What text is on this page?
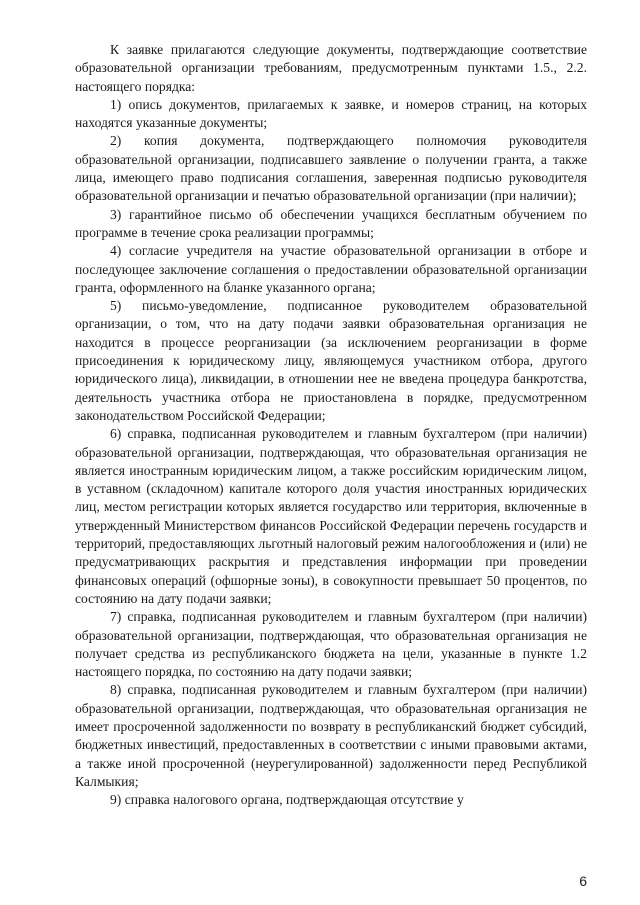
К заявке прилагаются следующие документы, подтверждающие соответствие образовательной организации требованиям, предусмотренным пунктами 1.5., 2.2. настоящего порядка:

1) опись документов, прилагаемых к заявке, и номеров страниц, на которых находятся указанные документы;

2) копия документа, подтверждающего полномочия руководителя образовательной организации, подписавшего заявление о получении гранта, а также лица, имеющего право подписания соглашения, заверенная подписью руководителя образовательной организации и печатью образовательной организации (при наличии);

3) гарантийное письмо об обеспечении учащихся бесплатным обучением по программе в течение срока реализации программы;

4) согласие учредителя на участие образовательной организации в отборе и последующее заключение соглашения о предоставлении образовательной организации гранта, оформленного на бланке указанного органа;

5) письмо-уведомление, подписанное руководителем образовательной организации, о том, что на дату подачи заявки образовательная организация не находится в процессе реорганизации (за исключением реорганизации в форме присоединения к юридическому лицу, являющемуся участником отбора, другого юридического лица), ликвидации, в отношении нее не введена процедура банкротства, деятельность участника отбора не приостановлена в порядке, предусмотренном законодательством Российской Федерации;

6) справка, подписанная руководителем и главным бухгалтером (при наличии) образовательной организации, подтверждающая, что образовательная организация не является иностранным юридическим лицом, а также российским юридическим лицом, в уставном (складочном) капитале которого доля участия иностранных юридических лиц, местом регистрации которых является государство или территория, включенные в утвержденный Министерством финансов Российской Федерации перечень государств и территорий, предоставляющих льготный налоговый режим налогообложения и (или) не предусматривающих раскрытия и представления информации при проведении финансовых операций (офшорные зоны), в совокупности превышает 50 процентов, по состоянию на дату подачи заявки;

7) справка, подписанная руководителем и главным бухгалтером (при наличии) образовательной организации, подтверждающая, что образовательная организация не получает средства из республиканского бюджета на цели, указанные в пункте 1.2 настоящего порядка, по состоянию на дату подачи заявки;

8) справка, подписанная руководителем и главным бухгалтером (при наличии) образовательной организации, подтверждающая, что образовательная организация не имеет просроченной задолженности по возврату в республиканский бюджет субсидий, бюджетных инвестиций, предоставленных в соответствии с иными правовыми актами, а также иной просроченной (неурегулированной) задолженности перед Республикой Калмыкия;

9) справка налогового органа, подтверждающая отсутствие у

6
